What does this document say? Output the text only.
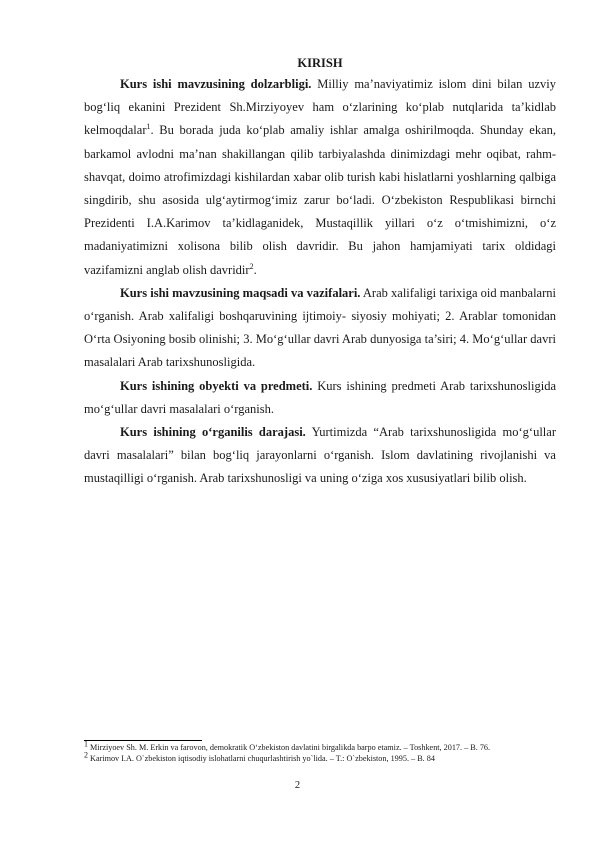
KIRISH

Kurs ishi mavzusining dolzarbligi. Milliy ma’naviyatimiz islom dini bilan uzviy bog‘liq ekanini Prezident Sh.Mirziyoyev ham o‘zlarining ko‘plab nutqlarida ta’kidlab kelmoqdalar$^1$. Bu borada juda ko‘plab amaliy ishlar amalga oshirilmoqda. Shunday ekan, barkamol avlodni ma’nan shakillangan qilib tarbiyalashda dinimizdagi mehr oqibat, rahm-shavqat, doimo atrofimizdagi kishilardan xabar olib turish kabi hislatlarni yoshlarning qalbiga singdirib, shu asosida ulg‘aytirmog‘imiz zarur bo‘ladi. O‘zbekiston Respublikasi birnchi Prezidenti I.A.Karimov ta’kidlaganidek, Mustaqillik yillari o‘z o‘tmishimizni, o‘z madaniyatimizni xolisona bilib olish davridir. Bu jahon hamjamiyati tarix oldidagi vazifamizni anglab olish davridir$^2$.

Kurs ishi mavzusining maqsadi va vazifalari. Arab xalifaligi tarixiga oid manbalarni o‘rganish. Arab xalifaligi boshqaruvining ijtimoiy- siyosiy mohiyati; 2. Arablar tomonidan O‘rta Osiyoning bosib olinishi; 3. Mo‘g‘ullar davri Arab dunyosiga ta’siri; 4. Mo‘g‘ullar davri masalalari Arab tarixshunosligida.

Kurs ishining obyekti va predmeti. Kurs ishining predmeti Arab tarixshunosligida mo‘g‘ullar davri masalalari o‘rganish.

Kurs ishining o‘rganilis darajasi. Yurtimizda “Arab tarixshunosligida mo‘g‘ullar davri masalalari” bilan bog‘liq jarayonlarni o‘rganish. Islom davlatining rivojlanishi va mustaqilligi o‘rganish. Arab tarixshunosligi va uning o‘ziga xos xususiyatlari bilib olish.

$^1$ Mirziyoev Sh. M. Erkin va farovon, demokratik O‘zbekiston davlatini birgalikda barpo etamiz. – Toshkent, 2017. – B. 76.
$^2$ Karimov I.A. O`zbekiston iqtisodiy islohatlarni chuqurlashtirish yo`lida. – T.: O`zbekiston, 1995. – B. 84
2
